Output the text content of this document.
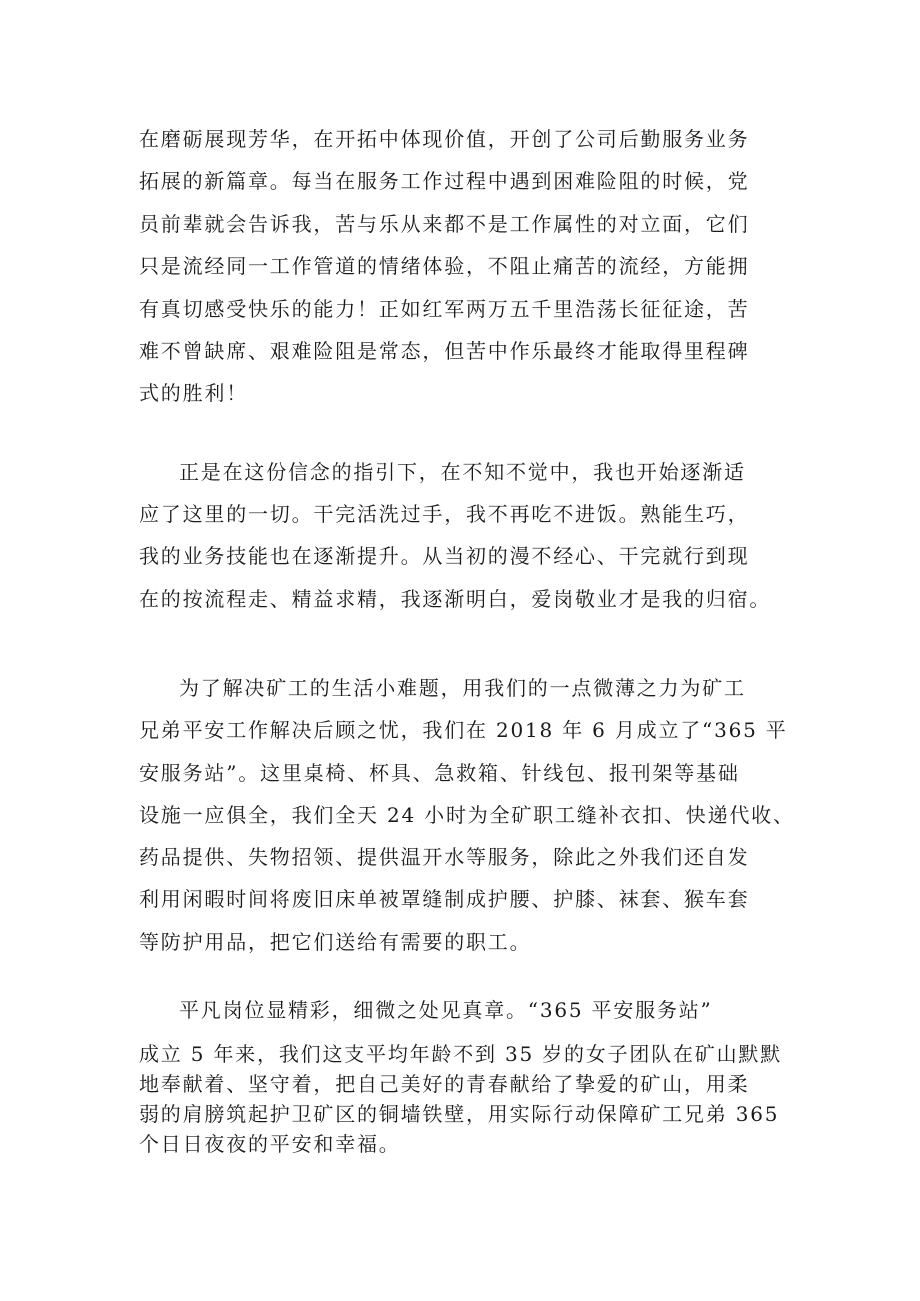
在磨砺展现芳华，在开拓中体现价值，开创了公司后勤服务业务
拓展的新篇章。每当在服务工作过程中遇到困难险阻的时候，党
员前辈就会告诉我，苦与乐从来都不是工作属性的对立面，它们
只是流经同一工作管道的情绪体验，不阻止痛苦的流经，方能拥
有真切感受快乐的能力！正如红军两万五千里浩荡长征征途，苦
难不曾缺席、艰难险阻是常态，但苦中作乐最终才能取得里程碑
式的胜利！
正是在这份信念的指引下，在不知不觉中，我也开始逐渐适
应了这里的一切。干完活洗过手，我不再吃不进饭。熟能生巧，
我的业务技能也在逐渐提升。从当初的漫不经心、干完就行到现
在的按流程走、精益求精，我逐渐明白，爱岗敬业才是我的归宿。
为了解决矿工的生活小难题，用我们的一点微薄之力为矿工
兄弟平安工作解决后顾之忧，我们在 2018 年 6 月成立了“365 平
安服务站”。这里桌椅、杯具、急救箱、针线包、报刊架等基础
设施一应俱全，我们全天 24 小时为全矿职工缝补衣扣、快递代收、
药品提供、失物招领、提供温开水等服务，除此之外我们还自发
利用闲暇时间将废旧床单被罩缝制成护腰、护膝、袜套、猴车套
等防护用品，把它们送给有需要的职工。
平凡岗位显精彩，细微之处见真章。“365 平安服务站”
成立 5 年来，我们这支平均年龄不到 35 岁的女子团队在矿山默默
地奉献着、坚守着，把自己美好的青春献给了挚爱的矿山，用柔
弱的肩膀筑起护卫矿区的铜墙铁壁，用实际行动保障矿工兄弟 365
个日日夜夜的平安和幸福。
